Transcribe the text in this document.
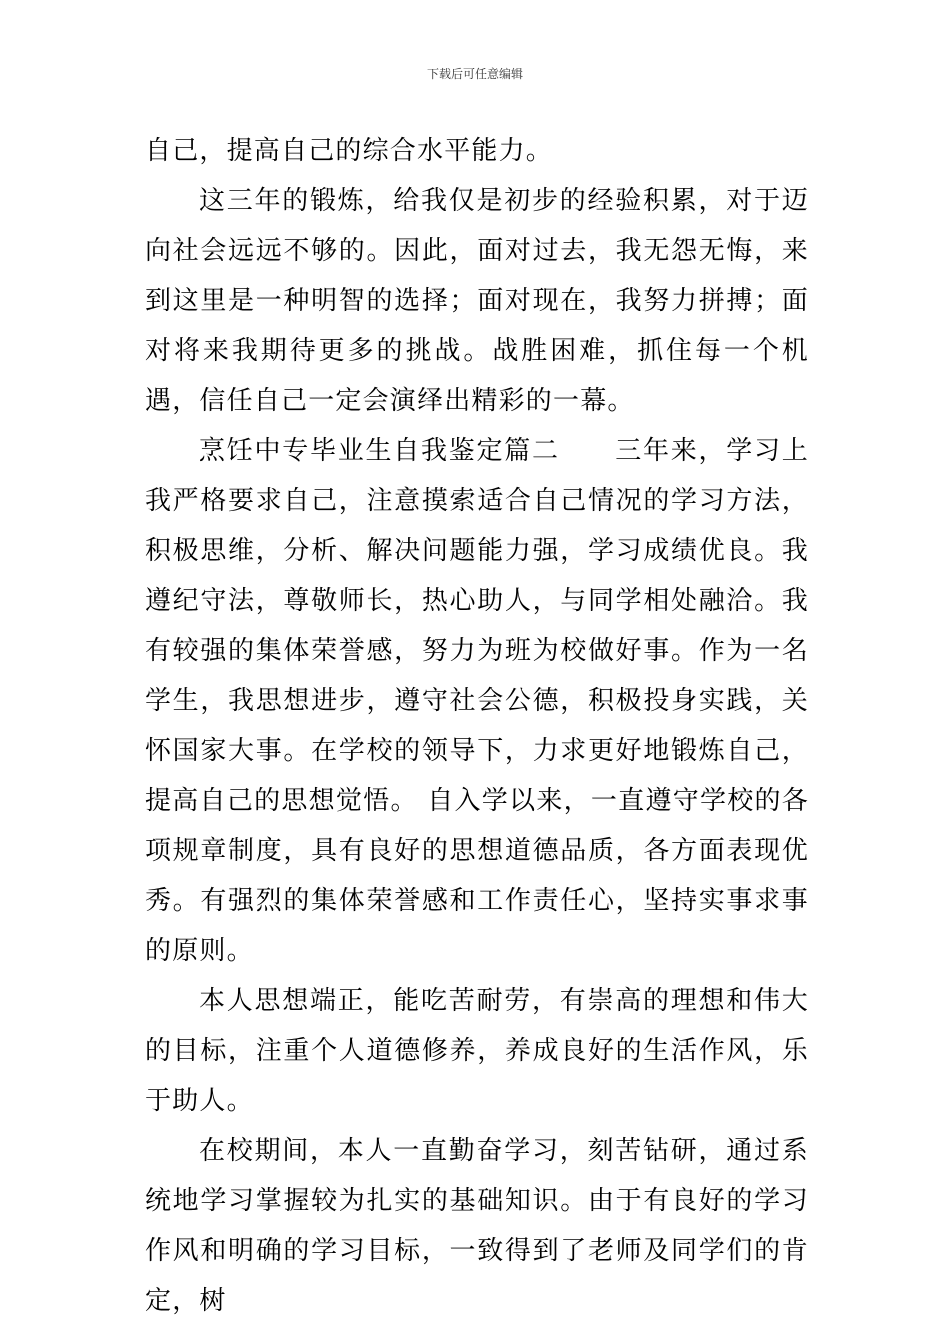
下载后可任意编辑

自己，提高自己的综合水平能力。

这三年的锻炼，给我仅是初步的经验积累，对于迈向社会远远不够的。因此，面对过去，我无怨无悔，来到这里是一种明智的选择；面对现在，我努力拼搏；面对将来我期待更多的挑战。战胜困难，抓住每一个机遇，信任自己一定会演绎出精彩的一幕。

烹饪中专毕业生自我鉴定篇二　　三年来，学习上我严格要求自己，注意摸索适合自己情况的学习方法，积极思维，分析、解决问题能力强，学习成绩优良。我遵纪守法，尊敬师长，热心助人，与同学相处融洽。我有较强的集体荣誉感，努力为班为校做好事。作为一名学生，我思想进步，遵守社会公德，积极投身实践，关怀国家大事。在学校的领导下，力求更好地锻炼自己，提高自己的思想觉悟。 自入学以来，一直遵守学校的各项规章制度，具有良好的思想道德品质，各方面表现优秀。有强烈的集体荣誉感和工作责任心，坚持实事求事的原则。

本人思想端正，能吃苦耐劳，有崇高的理想和伟大的目标，注重个人道德修养，养成良好的生活作风，乐于助人。

在校期间，本人一直勤奋学习，刻苦钻研，通过系统地学习掌握较为扎实的基础知识。由于有良好的学习作风和明确的学习目标，一致得到了老师及同学们的肯定，树
